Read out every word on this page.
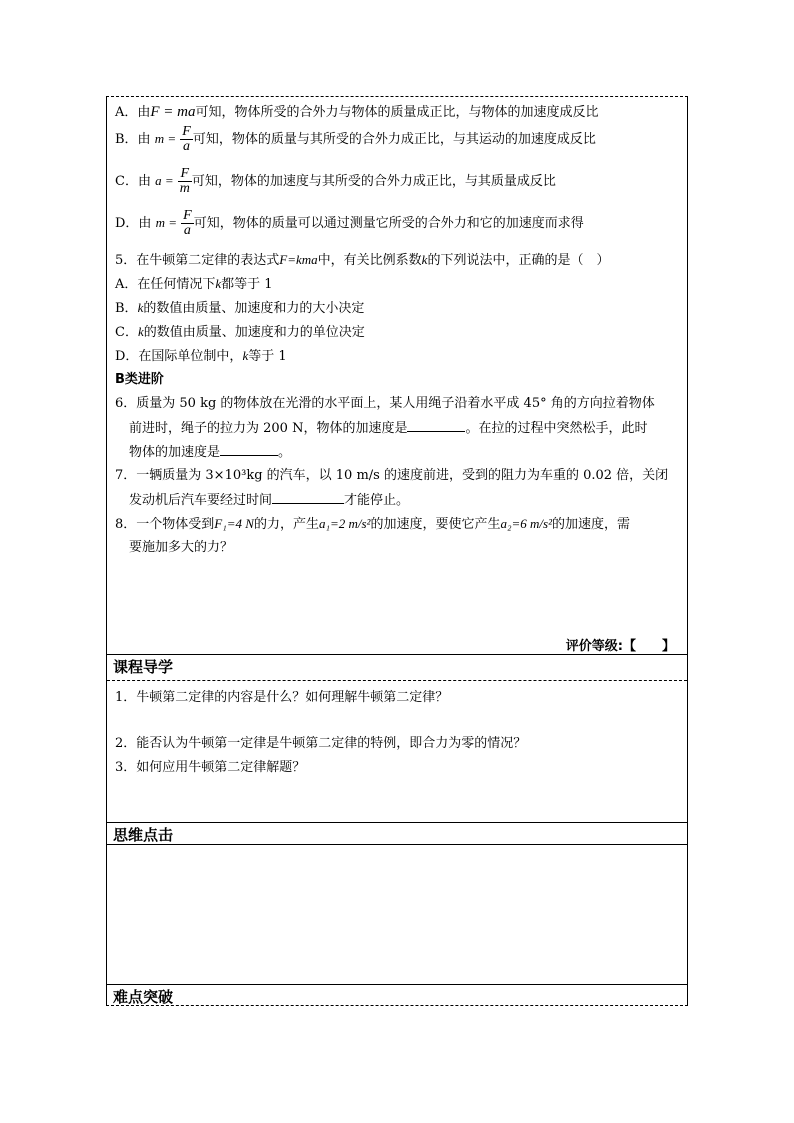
A．由F = ma可知，物体所受的合外力与物体的质量成正比，与物体的加速度成反比
B．由 $m = \frac{F}{a}$ 可知，物体的质量与其所受的合外力成正比，与其运动的加速度成反比
C．由 $a = \frac{F}{m}$ 可知，物体的加速度与其所受的合外力成正比，与其质量成反比
D．由 $m = \frac{F}{a}$ 可知，物体的质量可以通过测量它所受的合外力和它的加速度而求得
5．在牛顿第二定律的表达式F=kma中，有关比例系数k的下列说法中，正确的是（　）
A．在任何情况下k都等于 1
B．k的数值由质量、加速度和力的大小决定
C．k的数值由质量、加速度和力的单位决定
D．在国际单位制中，k等于 1
B类进阶
6．质量为 50 kg 的物体放在光滑的水平面上，某人用绳子沿着水平成 45° 角的方向拉着物体
前进时，绳子的拉力为 200 N，物体的加速度是	。在拉的过程中突然松手，此时
物体的加速度是	。
7．一辆质量为 3×10³kg 的汽车，以 10 m/s 的速度前进，受到的阻力为车重的 0.02 倍，关闭
发动机后汽车要经过时间	才能停止。
8．一个物体受到F₁=4 N的力，产生a₁=2 m/s²的加速度，要使它产生a₂=6 m/s²的加速度，需
要施加多大的力？
评价等级:【　　】
课程导学
1．牛顿第二定律的内容是什么？如何理解牛顿第二定律？
2．能否认为牛顿第一定律是牛顿第二定律的特例，即合力为零的情况？
3．如何应用牛顿第二定律解题？
思维点击
难点突破
